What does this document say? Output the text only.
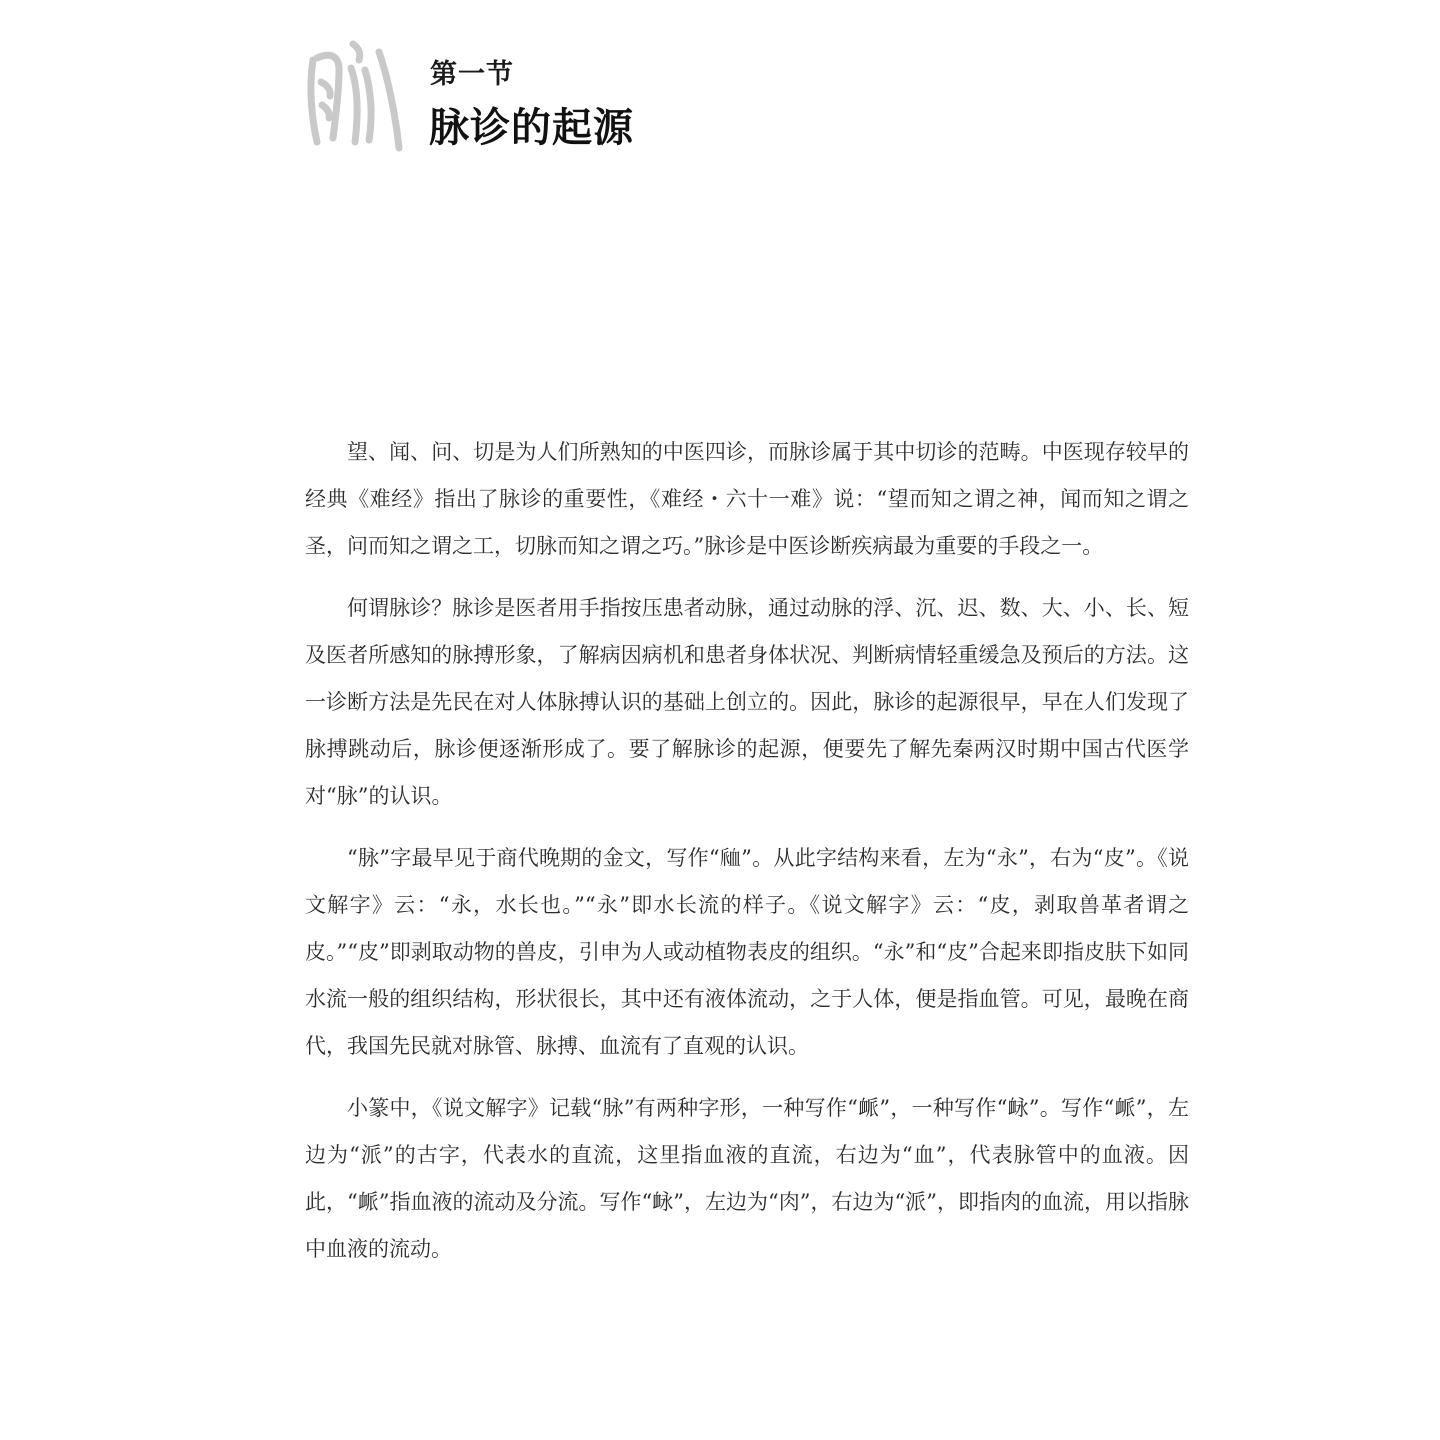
第一节
脉诊的起源

望、闻、问、切是为人们所熟知的中医四诊，而脉诊属于其中切诊的范畴。中医现存较早的经典《难经》指出了脉诊的重要性，《难经・六十一难》说：“望而知之谓之神，闻而知之谓之圣，问而知之谓之工，切脉而知之谓之巧。”脉诊是中医诊断疾病最为重要的手段之一。

何谓脉诊？脉诊是医者用手指按压患者动脉，通过动脉的浮、沉、迟、数、大、小、长、短及医者所感知的脉搏形象，了解病因病机和患者身体状况、判断病情轻重缓急及预后的方法。这一诊断方法是先民在对人体脉搏认识的基础上创立的。因此，脉诊的起源很早，早在人们发现了脉搏跳动后，脉诊便逐渐形成了。要了解脉诊的起源，便要先了解先秦两汉时期中国古代医学对“脉”的认识。

“脉”字最早见于商代晚期的金文，写作“𧖴”。从此字结构来看，左为“永”，右为“皮”。《说文解字》云：“永，水长也。”“永”即水长流的样子。《说文解字》云：“皮，剥取兽革者谓之皮。”“皮”即剥取动物的兽皮，引申为人或动植物表皮的组织。“永”和“皮”合起来即指皮肤下如同水流一般的组织结构，形状很长，其中还有液体流动，之于人体，便是指血管。可见，最晚在商代，我国先民就对脉管、脉搏、血流有了直观的认识。

小篆中，《说文解字》记载“脉”有两种字形，一种写作“衇”，一种写作“䘑”。写作“衇”，左边为“派”的古字，代表水的直流，这里指血液的直流，右边为“血”，代表脉管中的血液。因此，“衇”指血液的流动及分流。写作“䘑”，左边为“肉”，右边为“派”，即指肉的血流，用以指脉中血液的流动。
